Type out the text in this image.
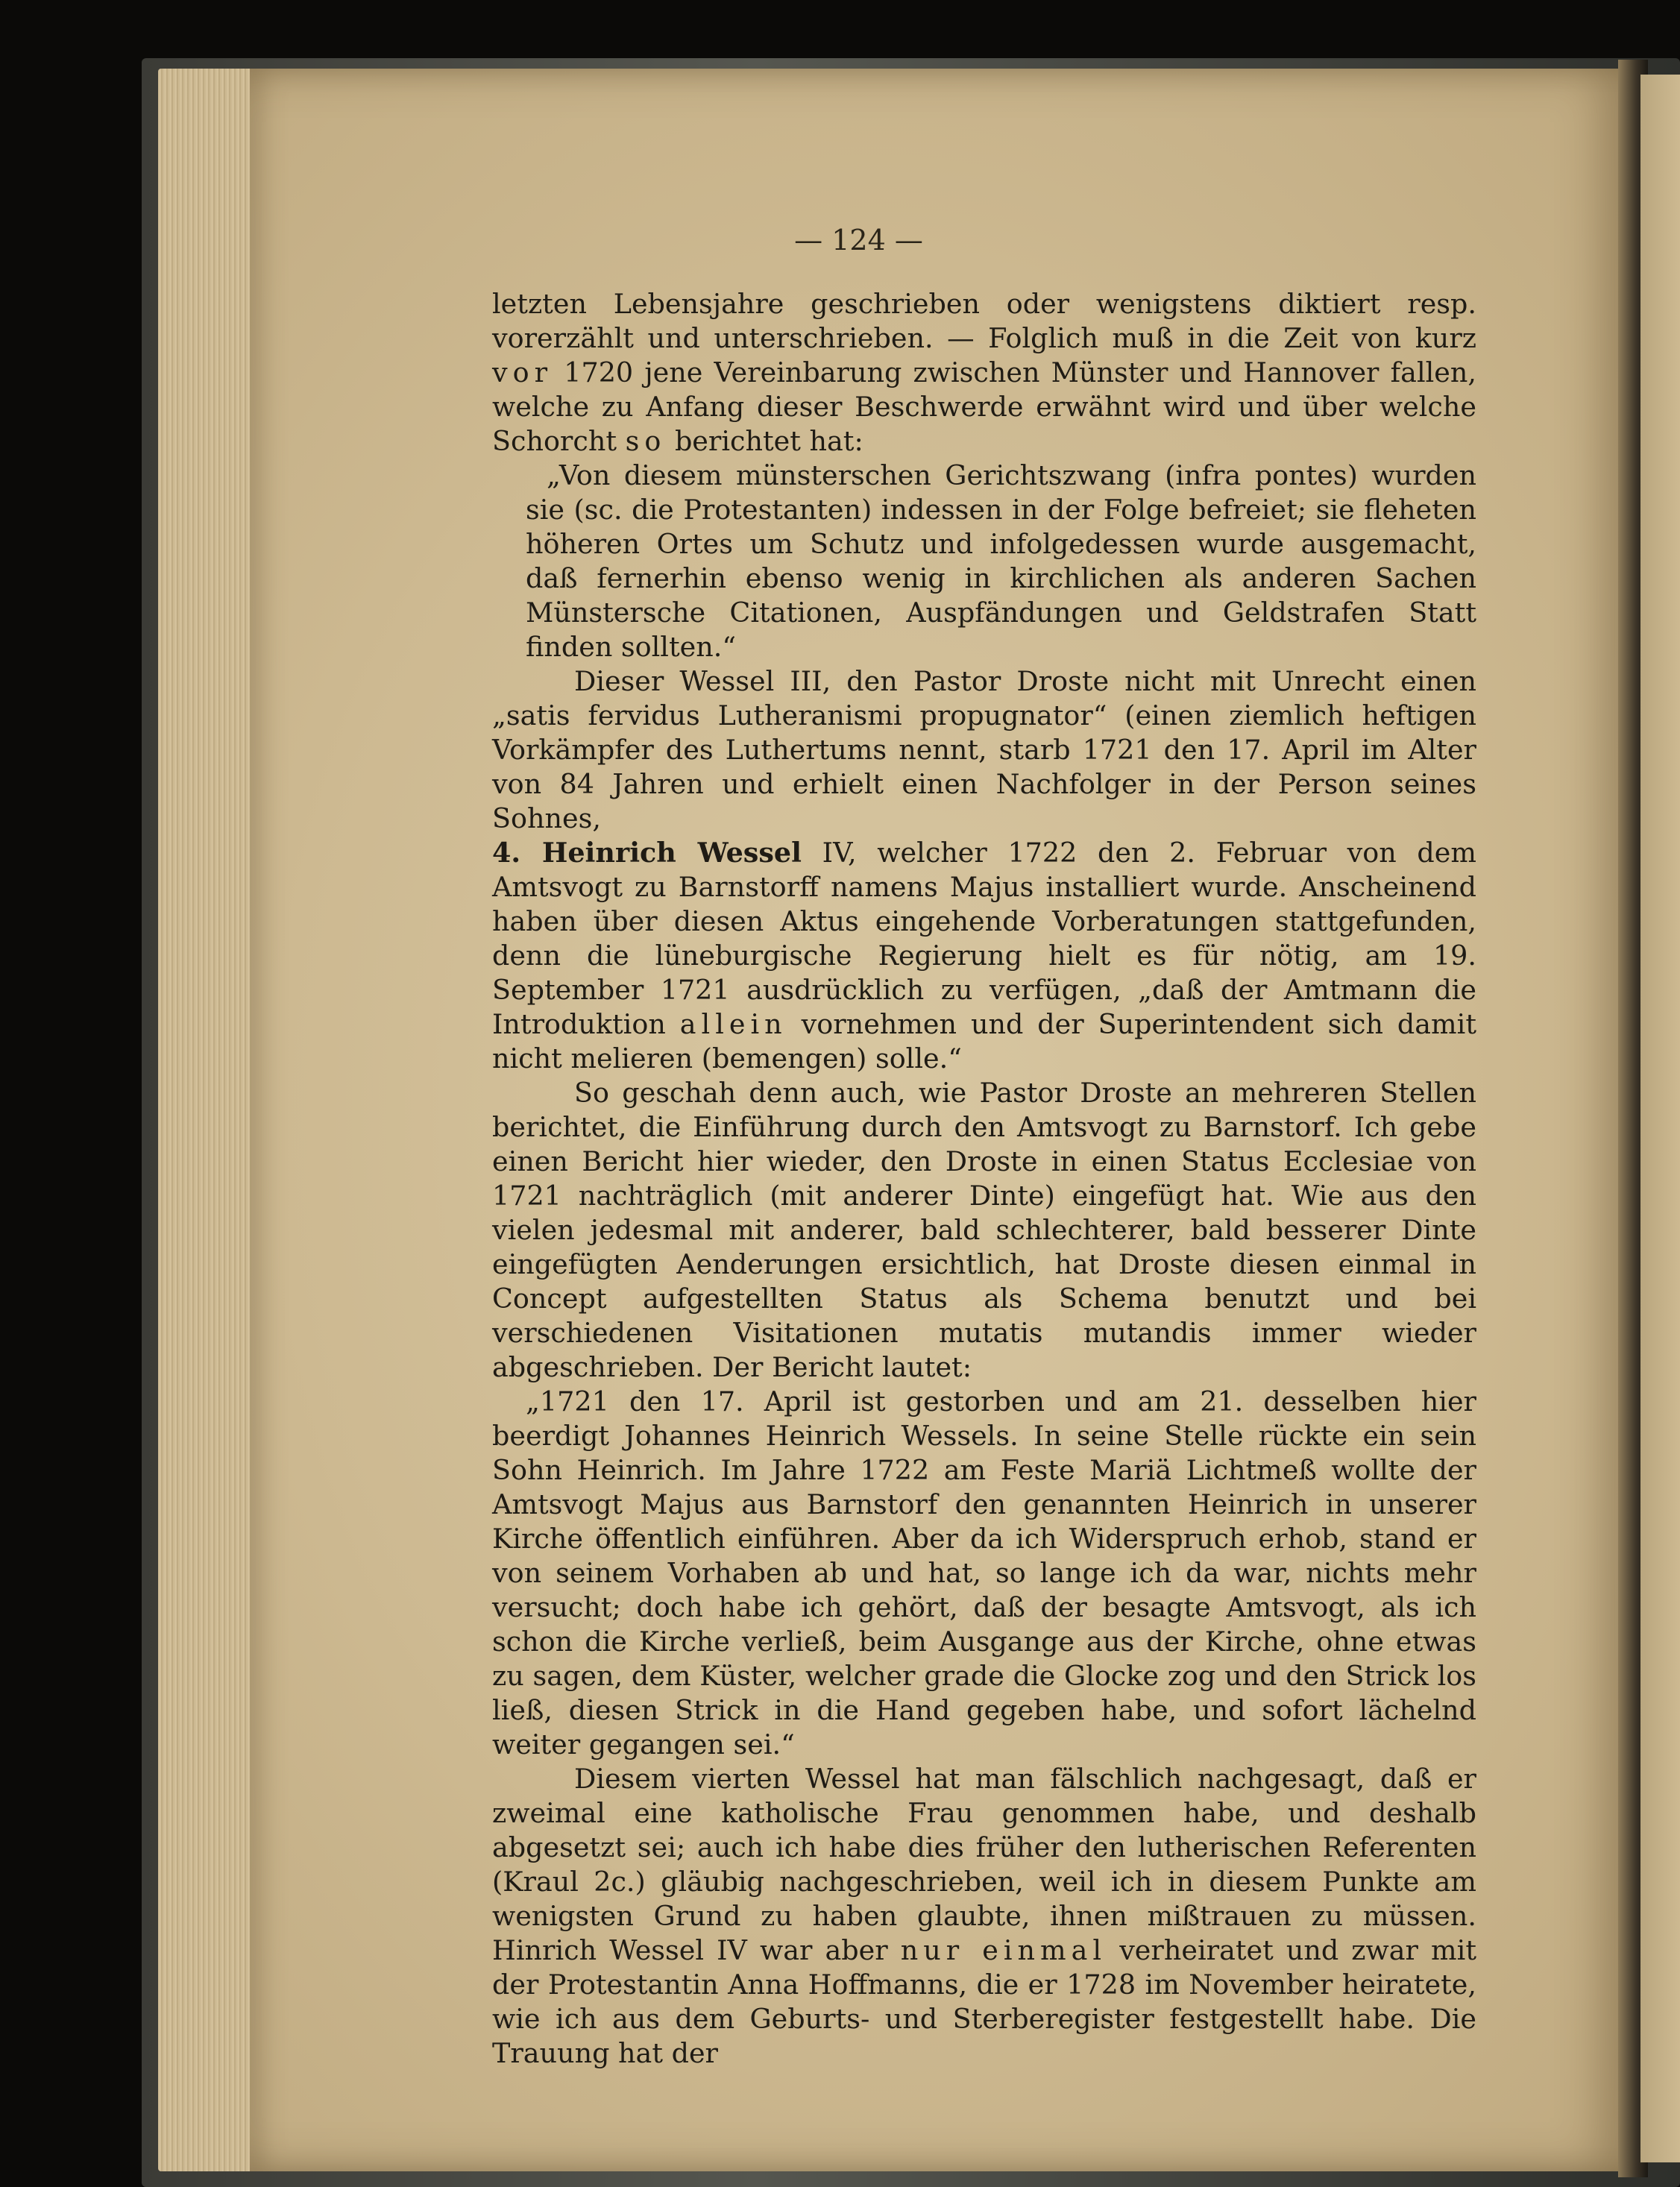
— 124 —

letzten Lebensjahre geschrieben oder wenigstens diktiert resp. vorerzählt und unterschrieben. — Folglich muß in die Zeit von kurz vor 1720 jene Vereinbarung zwischen Münster und Hannover fallen, welche zu Anfang dieser Beschwerde erwähnt wird und über welche Schorcht so berichtet hat:

„Von diesem münsterschen Gerichtszwang (infra pontes) wurden sie (sc. die Protestanten) indessen in der Folge befreiet; sie fleheten höheren Ortes um Schutz und infolgedessen wurde ausgemacht, daß fernerhin ebenso wenig in kirchlichen als anderen Sachen Münstersche Citationen, Auspfändungen und Geldstrafen Statt finden sollten.“

Dieser Wessel III, den Pastor Droste nicht mit Unrecht einen „satis fervidus Lutheranismi propugnator“ (einen ziemlich heftigen Vorkämpfer des Luthertums nennt, starb 1721 den 17. April im Alter von 84 Jahren und erhielt einen Nachfolger in der Person seines Sohnes,

4. Heinrich Wessel IV, welcher 1722 den 2. Februar von dem Amtsvogt zu Barnstorff namens Majus installiert wurde. Anscheinend haben über diesen Aktus eingehende Vorberatungen stattgefunden, denn die lüneburgische Regierung hielt es für nötig, am 19. September 1721 ausdrücklich zu verfügen, „daß der Amtmann die Introduktion allein vornehmen und der Superintendent sich damit nicht melieren (bemengen) solle.“

So geschah denn auch, wie Pastor Droste an mehreren Stellen berichtet, die Einführung durch den Amtsvogt zu Barnstorf. Ich gebe einen Bericht hier wieder, den Droste in einen Status Ecclesiae von 1721 nachträglich (mit anderer Dinte) eingefügt hat. Wie aus den vielen jedesmal mit anderer, bald schlechterer, bald besserer Dinte eingefügten Aenderungen ersichtlich, hat Droste diesen einmal in Concept aufgestellten Status als Schema benutzt und bei verschiedenen Visitationen mutatis mutandis immer wieder abgeschrieben. Der Bericht lautet:

„1721 den 17. April ist gestorben und am 21. desselben hier beerdigt Johannes Heinrich Wessels. In seine Stelle rückte ein sein Sohn Heinrich. Im Jahre 1722 am Feste Mariä Lichtmeß wollte der Amtsvogt Majus aus Barnstorf den genannten Heinrich in unserer Kirche öffentlich einführen. Aber da ich Widerspruch erhob, stand er von seinem Vorhaben ab und hat, so lange ich da war, nichts mehr versucht; doch habe ich gehört, daß der besagte Amtsvogt, als ich schon die Kirche verließ, beim Ausgange aus der Kirche, ohne etwas zu sagen, dem Küster, welcher grade die Glocke zog und den Strick los ließ, diesen Strick in die Hand gegeben habe, und sofort lächelnd weiter gegangen sei.“

Diesem vierten Wessel hat man fälschlich nachgesagt, daß er zweimal eine katholische Frau genommen habe, und deshalb abgesetzt sei; auch ich habe dies früher den lutherischen Referenten (Kraul 2c.) gläubig nachgeschrieben, weil ich in diesem Punkte am wenigsten Grund zu haben glaubte, ihnen mißtrauen zu müssen. Hinrich Wessel IV war aber nur einmal verheiratet und zwar mit der Protestantin Anna Hoffmanns, die er 1728 im November heiratete, wie ich aus dem Geburts- und Sterberegister festgestellt habe. Die Trauung hat der
